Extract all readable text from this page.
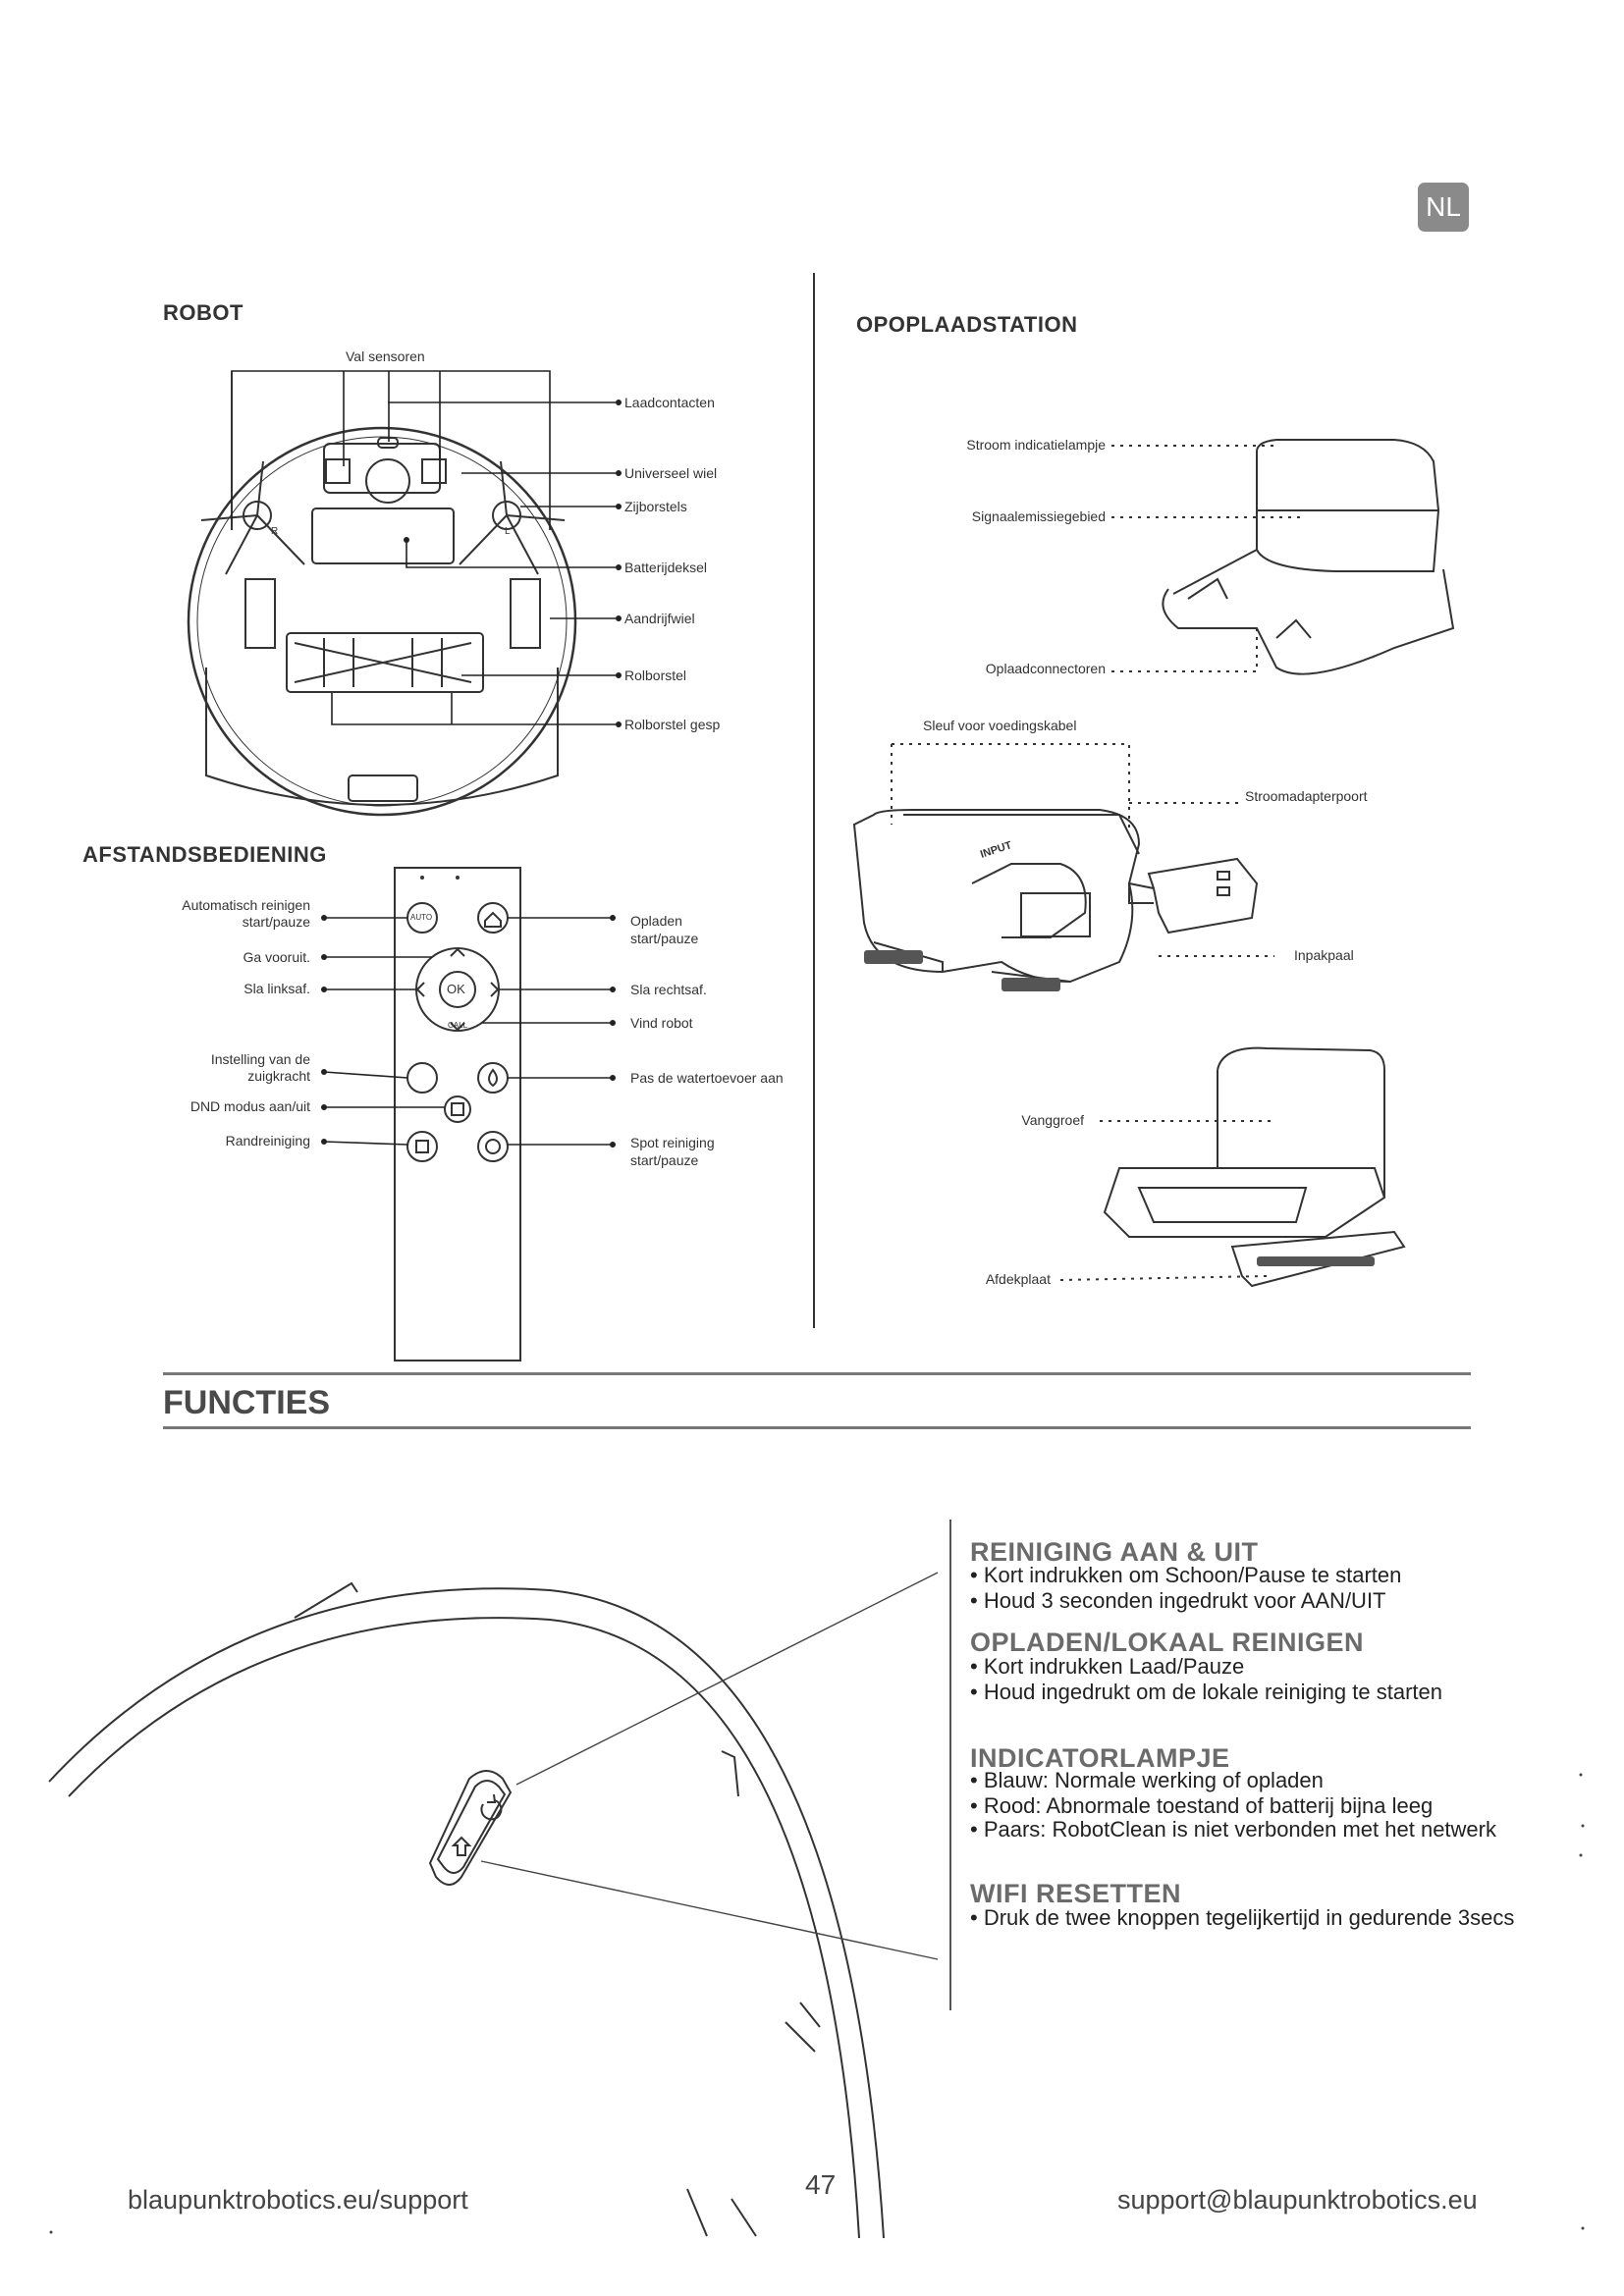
NL
ROBOT
Val sensoren
R	L
Laadcontacten
Universeel wiel
Zijborstels
Batterijdeksel
Aandrijfwiel
Rolborstel
Rolborstel gesp
OPOPLAADSTATION
Stroom indicatielampje
Signaalemissiegebied
Oplaadconnectoren
Sleuf voor voedingskabel
Stroomadapterpoort
INPUT
Inpakpaal
Vanggroef
Afdekplaat
AFSTANDSBEDIENING
AUTO
OK
CALL
Automatisch reinigen
start/pauze
Ga vooruit.
Sla linksaf.
Instelling van de
zuigkracht
DND modus aan/uit
Randreiniging
Opladen
start/pauze
Sla rechtsaf.
Vind robot
Pas de watertoevoer aan
Spot reiniging
start/pauze
FUNCTIES
REINIGING AAN & UIT
• Kort indrukken om Schoon/Pause te starten
• Houd 3 seconden ingedrukt voor AAN/UIT
OPLADEN/LOKAAL REINIGEN
• Kort indrukken Laad/Pauze
• Houd ingedrukt om de lokale reiniging te starten
INDICATORLAMPJE
• Blauw: Normale werking of opladen
• Rood: Abnormale toestand of batterij bijna leeg
• Paars: RobotClean is niet verbonden met het netwerk
WIFI RESETTEN
• Druk de twee knoppen tegelijkertijd in gedurende 3secs
blaupunktrobotics.eu/support	47	support@blaupunktrobotics.eu
